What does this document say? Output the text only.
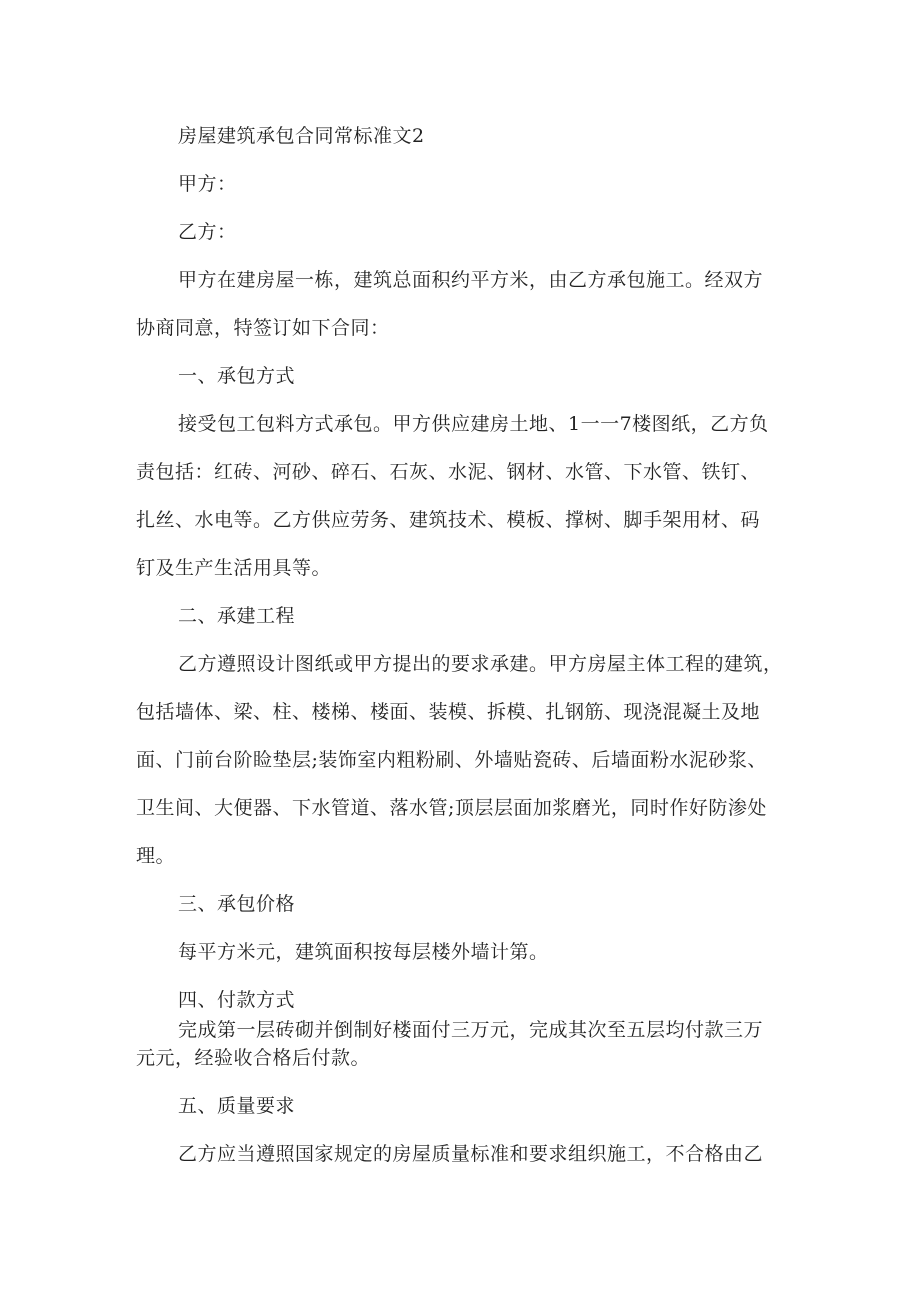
房屋建筑承包合同常标准文2
甲方：
乙方：
甲方在建房屋一栋，建筑总面积约平方米，由乙方承包施工。经双方
协商同意，特签订如下合同：
一、承包方式
接受包工包料方式承包。甲方供应建房土地、1一一7楼图纸，乙方负
责包括：红砖、河砂、碎石、石灰、水泥、钢材、水管、下水管、铁钉、
扎丝、水电等。乙方供应劳务、建筑技术、模板、撑树、脚手架用材、码
钉及生产生活用具等。
二、承建工程
乙方遵照设计图纸或甲方提出的要求承建。甲方房屋主体工程的建筑，
包括墙体、梁、柱、楼梯、楼面、装模、拆模、扎钢筋、现浇混凝土及地
面、门前台阶睑垫层;装饰室内粗粉刷、外墙贴瓷砖、后墙面粉水泥砂浆、
卫生间、大便器、下水管道、落水管;顶层层面加浆磨光，同时作好防渗处
理。
三、承包价格
每平方米元，建筑面积按每层楼外墙计第。
四、付款方式
完成第一层砖砌并倒制好楼面付三万元，完成其次至五层均付款三万
元元，经验收合格后付款。
五、质量要求
乙方应当遵照国家规定的房屋质量标准和要求组织施工，不合格由乙
